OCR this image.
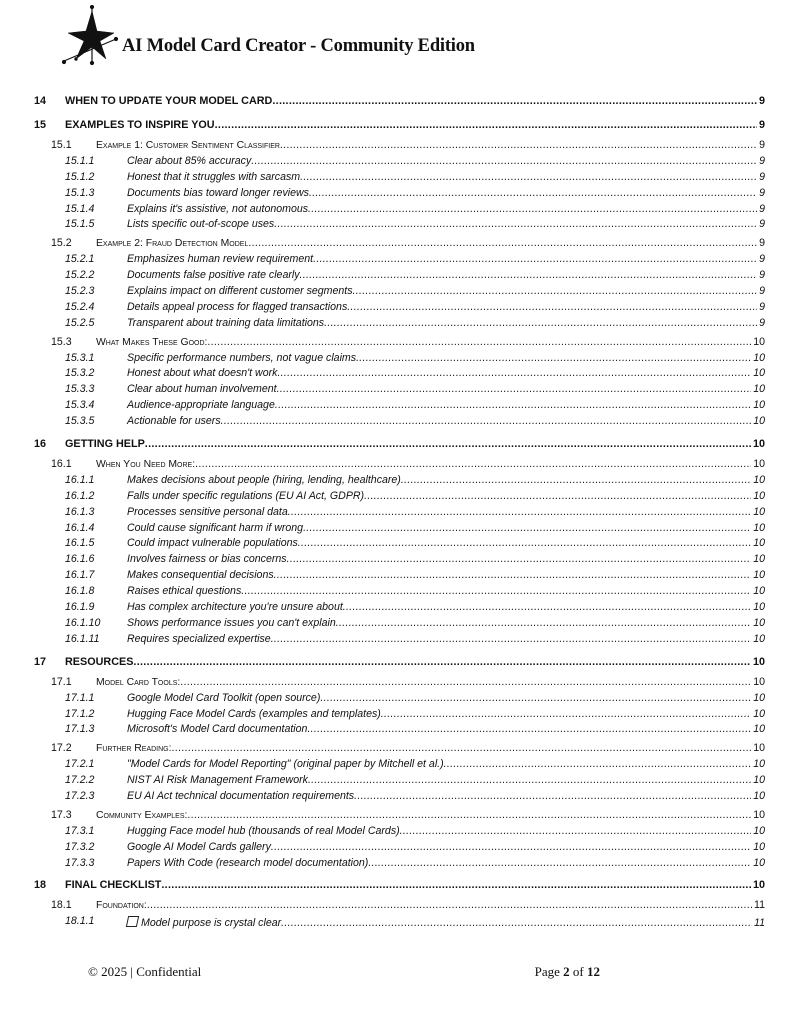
AI Model Card Creator - Community Edition
14 WHEN TO UPDATE YOUR MODEL CARD .....	9
15 EXAMPLES TO INSPIRE YOU .....	9
15.1 Example 1: Customer Sentiment Classifier .....	9
15.1.1	Clear about 85% accuracy .....	9
15.1.2	Honest that it struggles with sarcasm .....	9
15.1.3	Documents bias toward longer reviews .....	9
15.1.4	Explains it's assistive, not autonomous .....	9
15.1.5	Lists specific out-of-scope uses .....	9
15.2 Example 2: Fraud Detection Model .....	9
15.2.1	Emphasizes human review requirement .....	9
15.2.2	Documents false positive rate clearly .....	9
15.2.3	Explains impact on different customer segments .....	9
15.2.4	Details appeal process for flagged transactions .....	9
15.2.5	Transparent about training data limitations .....	9
15.3 What Makes These Good: .....	10
15.3.1	Specific performance numbers, not vague claims .....	10
15.3.2	Honest about what doesn't work .....	10
15.3.3	Clear about human involvement .....	10
15.3.4	Audience-appropriate language .....	10
15.3.5	Actionable for users .....	10
16 GETTING HELP .....	10
16.1 When You Need More: .....	10
16.1.1	Makes decisions about people (hiring, lending, healthcare) .....	10
16.1.2	Falls under specific regulations (EU AI Act, GDPR) .....	10
16.1.3	Processes sensitive personal data .....	10
16.1.4	Could cause significant harm if wrong .....	10
16.1.5	Could impact vulnerable populations .....	10
16.1.6	Involves fairness or bias concerns .....	10
16.1.7	Makes consequential decisions .....	10
16.1.8	Raises ethical questions .....	10
16.1.9	Has complex architecture you're unsure about .....	10
16.1.10	Shows performance issues you can't explain .....	10
16.1.11	Requires specialized expertise .....	10
17 RESOURCES .....	10
17.1 Model Card Tools: .....	10
17.1.1	Google Model Card Toolkit (open source) .....	10
17.1.2	Hugging Face Model Cards (examples and templates) .....	10
17.1.3	Microsoft's Model Card documentation .....	10
17.2 Further Reading: .....	10
17.2.1	"Model Cards for Model Reporting" (original paper by Mitchell et al.) .....	10
17.2.2	NIST AI Risk Management Framework .....	10
17.2.3	EU AI Act technical documentation requirements .....	10
17.3 Community Examples: .....	10
17.3.1	Hugging Face model hub (thousands of real Model Cards) .....	10
17.3.2	Google AI Model Cards gallery .....	10
17.3.3	Papers With Code (research model documentation) .....	10
18 FINAL CHECKLIST .....	10
18.1 Foundation: .....	11
18.1.1	Model purpose is crystal clear .....	11
© 2025 | Confidential	Page 2 of 12
